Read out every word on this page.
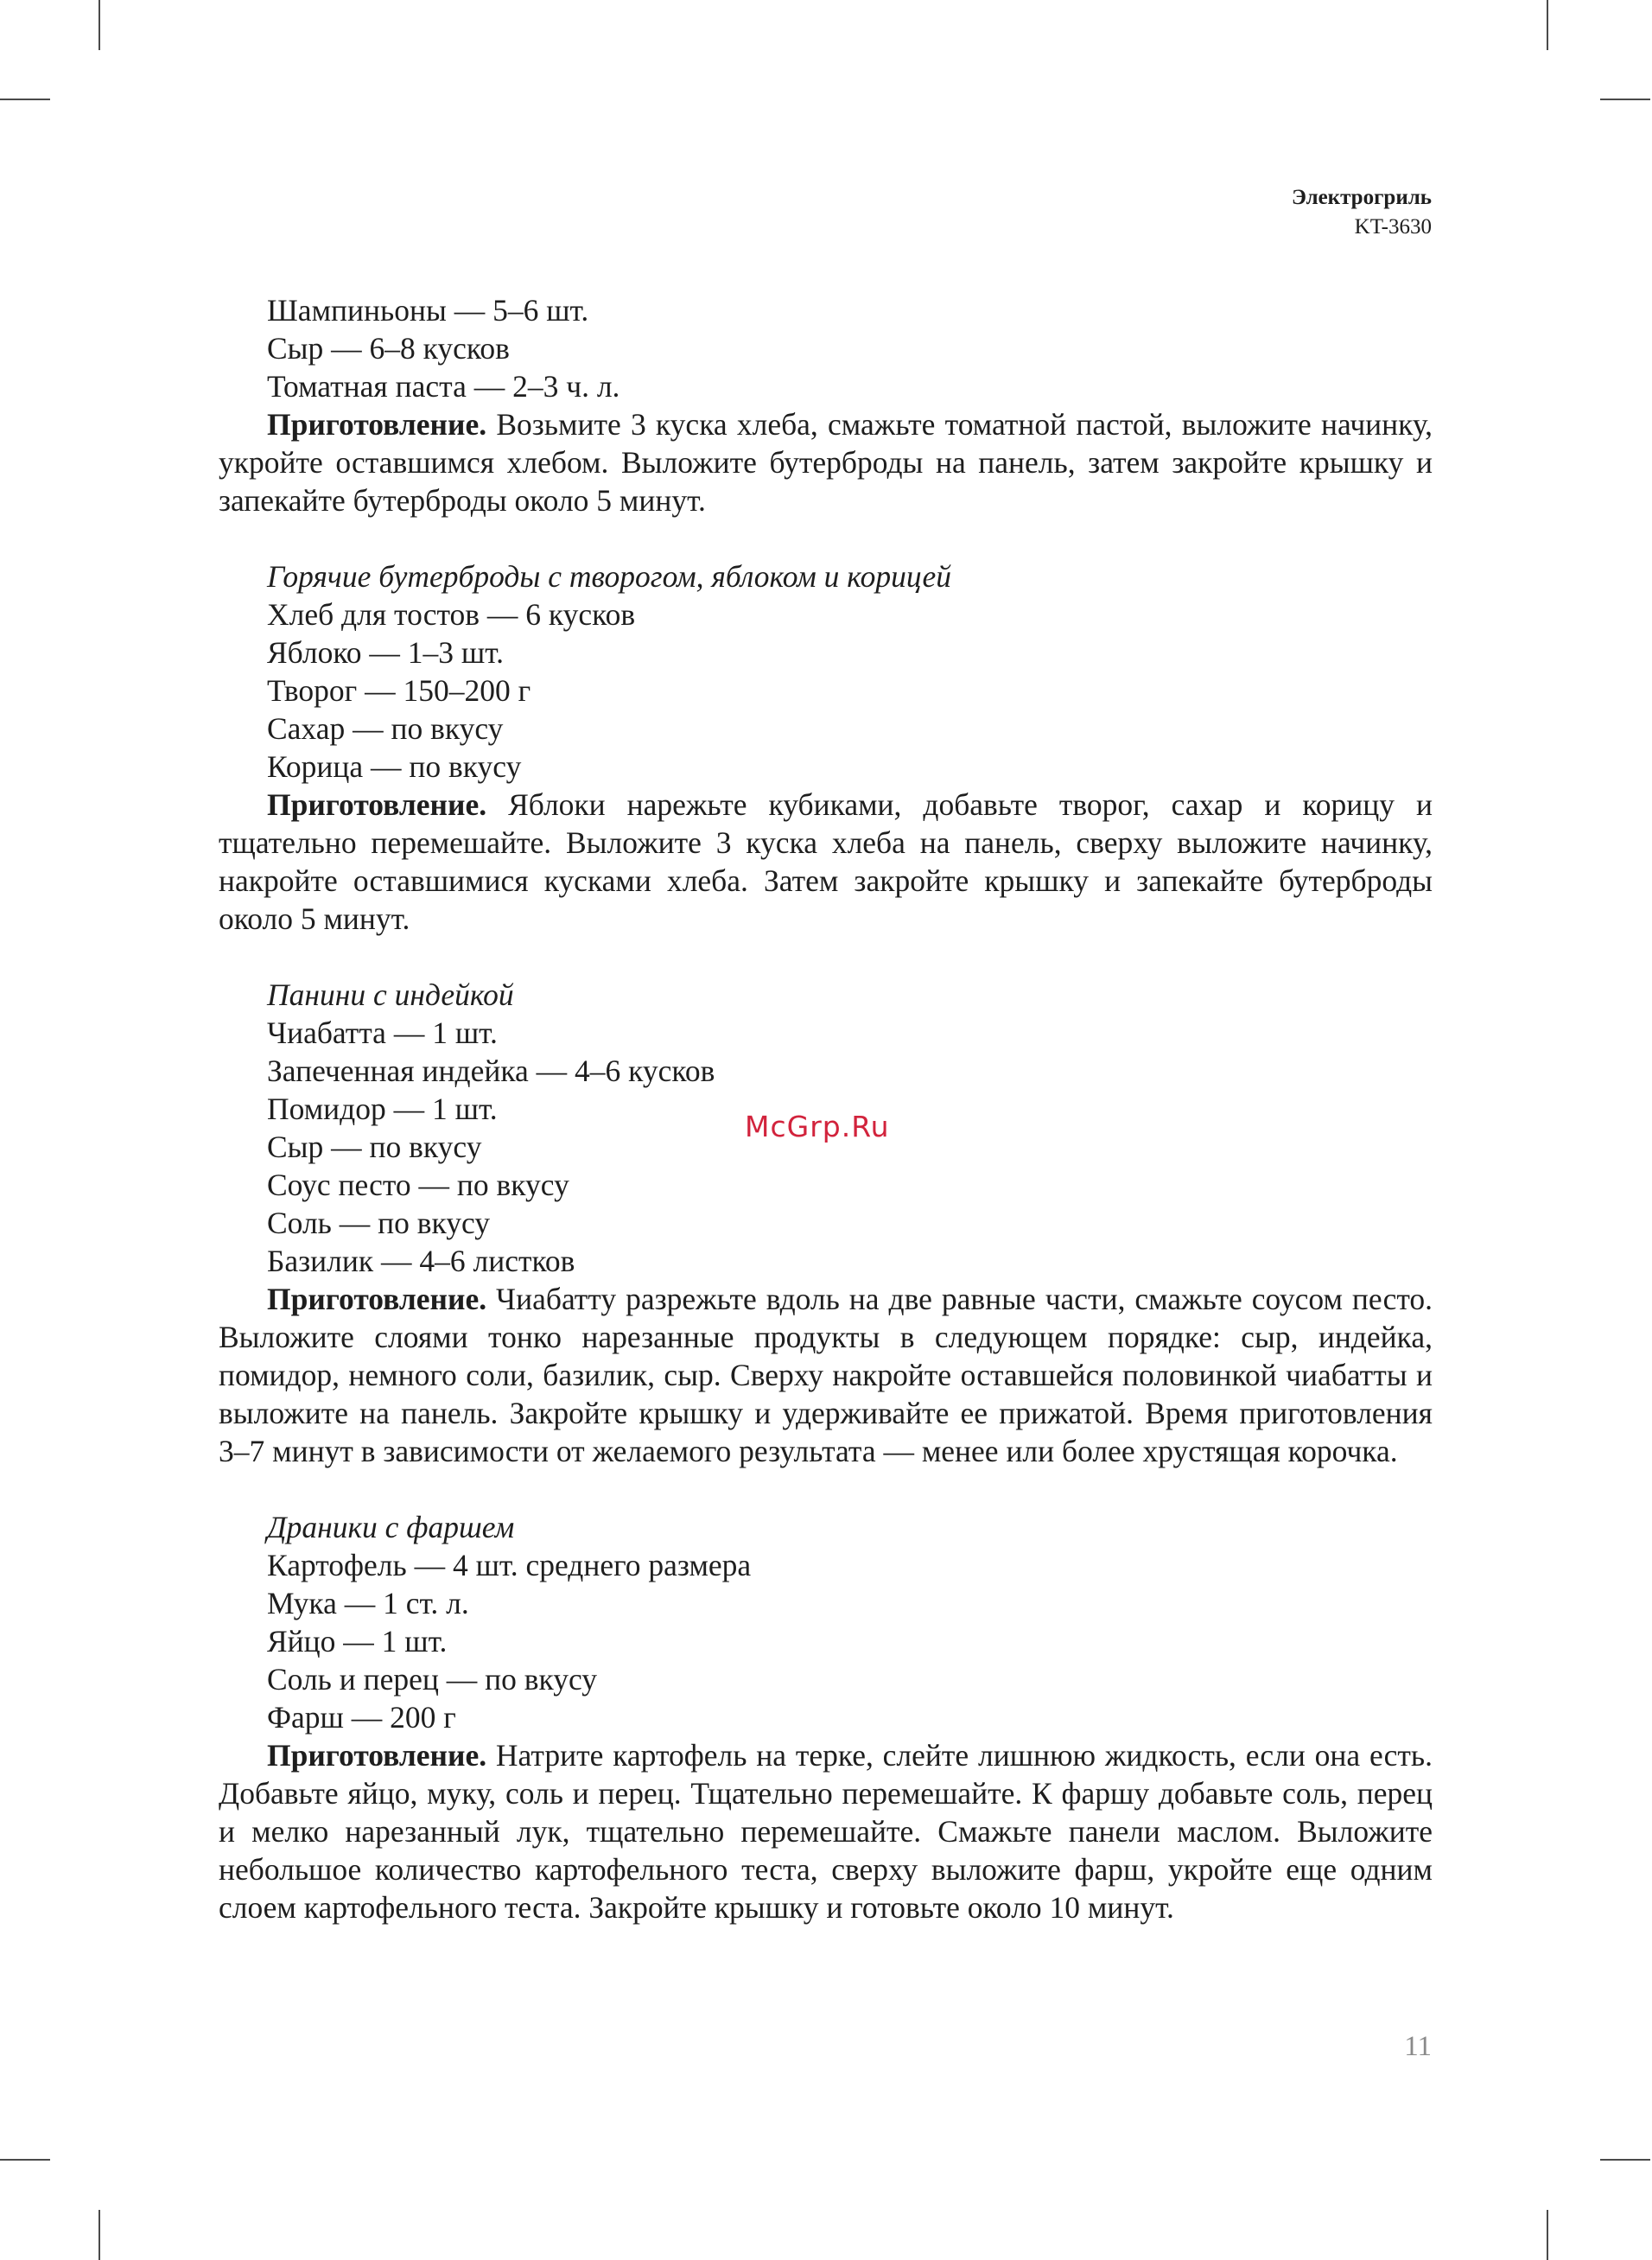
Электрогриль
KT-3630
Шампиньоны — 5–6 шт.
Сыр — 6–8 кусков
Томатная паста — 2–3 ч. л.
Приготовление. Возьмите 3 куска хлеба, смажьте томатной пастой, выложите начинку, укройте оставшимся хлебом. Выложите бутерброды на панель, затем закройте крышку и запекайте бутерброды около 5 минут.
Горячие бутерброды с творогом, яблоком и корицей
Хлеб для тостов — 6 кусков
Яблоко — 1–3 шт.
Творог — 150–200 г
Сахар — по вкусу
Корица — по вкусу
Приготовление. Яблоки нарежьте кубиками, добавьте творог, сахар и корицу и тщательно перемешайте. Выложите 3 куска хлеба на панель, сверху выложите начинку, накройте оставшимися кусками хлеба. Затем закройте крышку и запекайте бутерброды около 5 минут.
Панини с индейкой
Чиабатта — 1 шт.
Запеченная индейка — 4–6 кусков
Помидор — 1 шт.
Сыр — по вкусу
Соус песто — по вкусу
Соль — по вкусу
Базилик — 4–6 листков
Приготовление. Чиабатту разрежьте вдоль на две равные части, смажьте соусом песто. Выложите слоями тонко нарезанные продукты в следующем порядке: сыр, индейка, помидор, немного соли, базилик, сыр. Сверху накройте оставшейся половинкой чиабатты и выложите на панель. Закройте крышку и удерживайте ее прижатой. Время приготовления 3–7 минут в зависимости от желаемого результата — менее или более хрустящая корочка.
Драники с фаршем
Картофель — 4 шт. среднего размера
Мука — 1 ст. л.
Яйцо — 1 шт.
Соль и перец — по вкусу
Фарш — 200 г
Приготовление. Натрите картофель на терке, слейте лишнюю жидкость, если она есть. Добавьте яйцо, муку, соль и перец. Тщательно перемешайте. К фаршу добавьте соль, перец и мелко нарезанный лук, тщательно перемешайте. Смажьте панели маслом. Выложите небольшое количество картофельного теста, сверху выложите фарш, укройте еще одним слоем картофельного теста. Закройте крышку и готовьте около 10 минут.
McGrp.Ru
11
